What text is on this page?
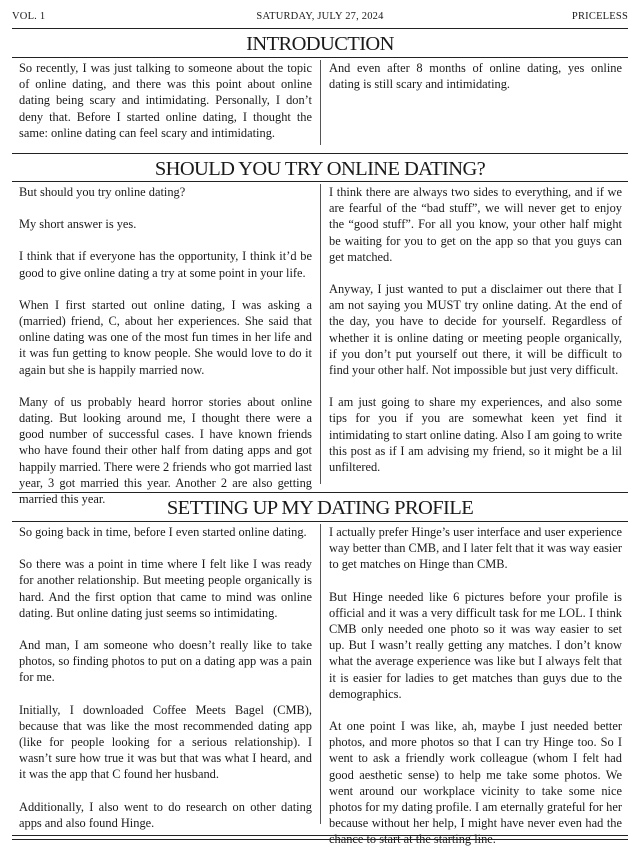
VOL. 1	SATURDAY, JULY 27, 2024	PRICELESS
INTRODUCTION

So recently, I was just talking to someone about the topic of online dating, and there was this point about online dating being scary and intimidating. Personally, I don’t deny that. Before I started online dating, I thought the same: online dating can feel scary and intimidating.

And even after 8 months of online dating, yes online dating is still scary and intimidating.

SHOULD YOU TRY ONLINE DATING?

But should you try online dating?

My short answer is yes.

I think that if everyone has the opportunity, I think it’d be good to give online dating a try at some point in your life.

When I first started out online dating, I was asking a (married) friend, C, about her experiences. She said that online dating was one of the most fun times in her life and it was fun getting to know people. She would love to do it again but she is happily married now.

Many of us probably heard horror stories about online dating. But looking around me, I thought there were a good number of successful cases. I have known friends who have found their other half from dating apps and got happily married. There were 2 friends who got married last year, 3 got married this year. Another 2 are also getting married this year.

I think there are always two sides to everything, and if we are fearful of the “bad stuff”, we will never get to enjoy the “good stuff”. For all you know, your other half might be waiting for you to get on the app so that you guys can get matched.

Anyway, I just wanted to put a disclaimer out there that I am not saying you MUST try online dating. At the end of the day, you have to decide for yourself. Regardless of whether it is online dating or meeting people organically, if you don’t put yourself out there, it will be difficult to find your other half. Not impossible but just very difficult.

I am just going to share my experiences, and also some tips for you if you are somewhat keen yet find it intimidating to start online dating. Also I am going to write this post as if I am advising my friend, so it might be a lil unfiltered.

SETTING UP MY DATING PROFILE

So going back in time, before I even started online dating.

So there was a point in time where I felt like I was ready for another relationship. But meeting people organically is hard. And the first option that came to mind was online dating. But online dating just seems so intimidating.

And man, I am someone who doesn’t really like to take photos, so finding photos to put on a dating app was a pain for me.

Initially, I downloaded Coffee Meets Bagel (CMB), because that was like the most recommended dating app (like for people looking for a serious relationship). I wasn’t sure how true it was but that was what I heard, and it was the app that C found her husband.

Additionally, I also went to do research on other dating apps and also found Hinge.

I actually prefer Hinge’s user interface and user experience way better than CMB, and I later felt that it was way easier to get matches on Hinge than CMB.

But Hinge needed like 6 pictures before your profile is official and it was a very difficult task for me LOL. I think CMB only needed one photo so it was way easier to set up. But I wasn’t really getting any matches. I don’t know what the average experience was like but I always felt that it is easier for ladies to get matches than guys due to the demographics.

At one point I was like, ah, maybe I just needed better photos, and more photos so that I can try Hinge too. So I went to ask a friendly work colleague (whom I felt had good aesthetic sense) to help me take some photos. We went around our workplace vicinity to take some nice photos for my dating profile. I am eternally grateful for her because without her help, I might have never even had the chance to start at the starting line.
